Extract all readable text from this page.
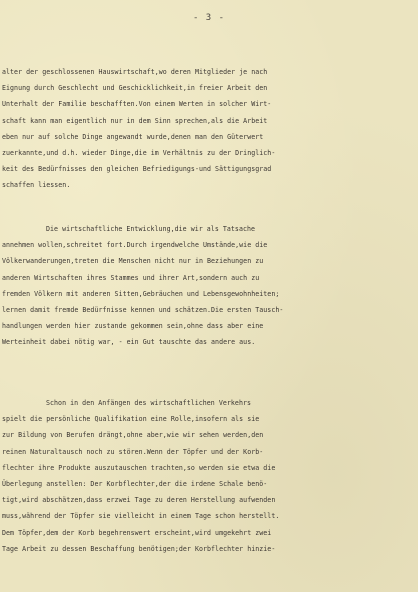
- 3 -
alter der geschlossenen Hauswirtschaft,wo deren Mitglieder je nach
Eignung durch Geschlecht und Geschicklichkeit,in freier Arbeit den
Unterhalt der Familie beschafften.Von einem Werten in solcher Wirt-
schaft kann man eigentlich nur in dem Sinn sprechen,als die Arbeit
eben nur auf solche Dinge angewandt wurde,denen man den Güterwert
zuerkannte,und d.h. wieder Dinge,die im Verhältnis zu der Dringlich-
keit des Bedürfnisses den gleichen Befriedigungs-und Sättigungsgrad
schaffen liessen.
Die wirtschaftliche Entwicklung,die wir als Tatsache
annehmen wollen,schreitet fort.Durch irgendwelche Umstände,wie die
Völkerwanderungen,treten die Menschen nicht nur in Beziehungen zu
anderen Wirtschaften ihres Stammes und ihrer Art,sondern auch zu
fremden Völkern mit anderen Sitten,Gebräuchen und Lebensgewohnheiten;
lernen damit fremde Bedürfnisse kennen und schätzen.Die ersten Tausch-
handlungen werden hier zustande gekommen sein,ohne dass aber eine
Werteinheit dabei nötig war, - ein Gut tauschte das andere aus.
Schon in den Anfängen des wirtschaftlichen Verkehrs
spielt die persönliche Qualifikation eine Rolle,insofern als sie
zur Bildung von Berufen drängt,ohne aber,wie wir sehen werden,den
reinen Naturaltausch noch zu stören.Wenn der Töpfer und der Korb-
flechter ihre Produkte auszutauschen trachten,so werden sie etwa die
Überlegung anstellen: Der Korbflechter,der die irdene Schale benö-
tigt,wird abschätzen,dass erzwei Tage zu deren Herstellung aufwenden
muss,während der Töpfer sie vielleicht in einem Tage schon herstellt.
Dem Töpfer,dem der Korb begehrenswert erscheint,wird umgekehrt zwei
Tage Arbeit zu dessen Beschaffung benötigen;der Korbflechter hinzie-
